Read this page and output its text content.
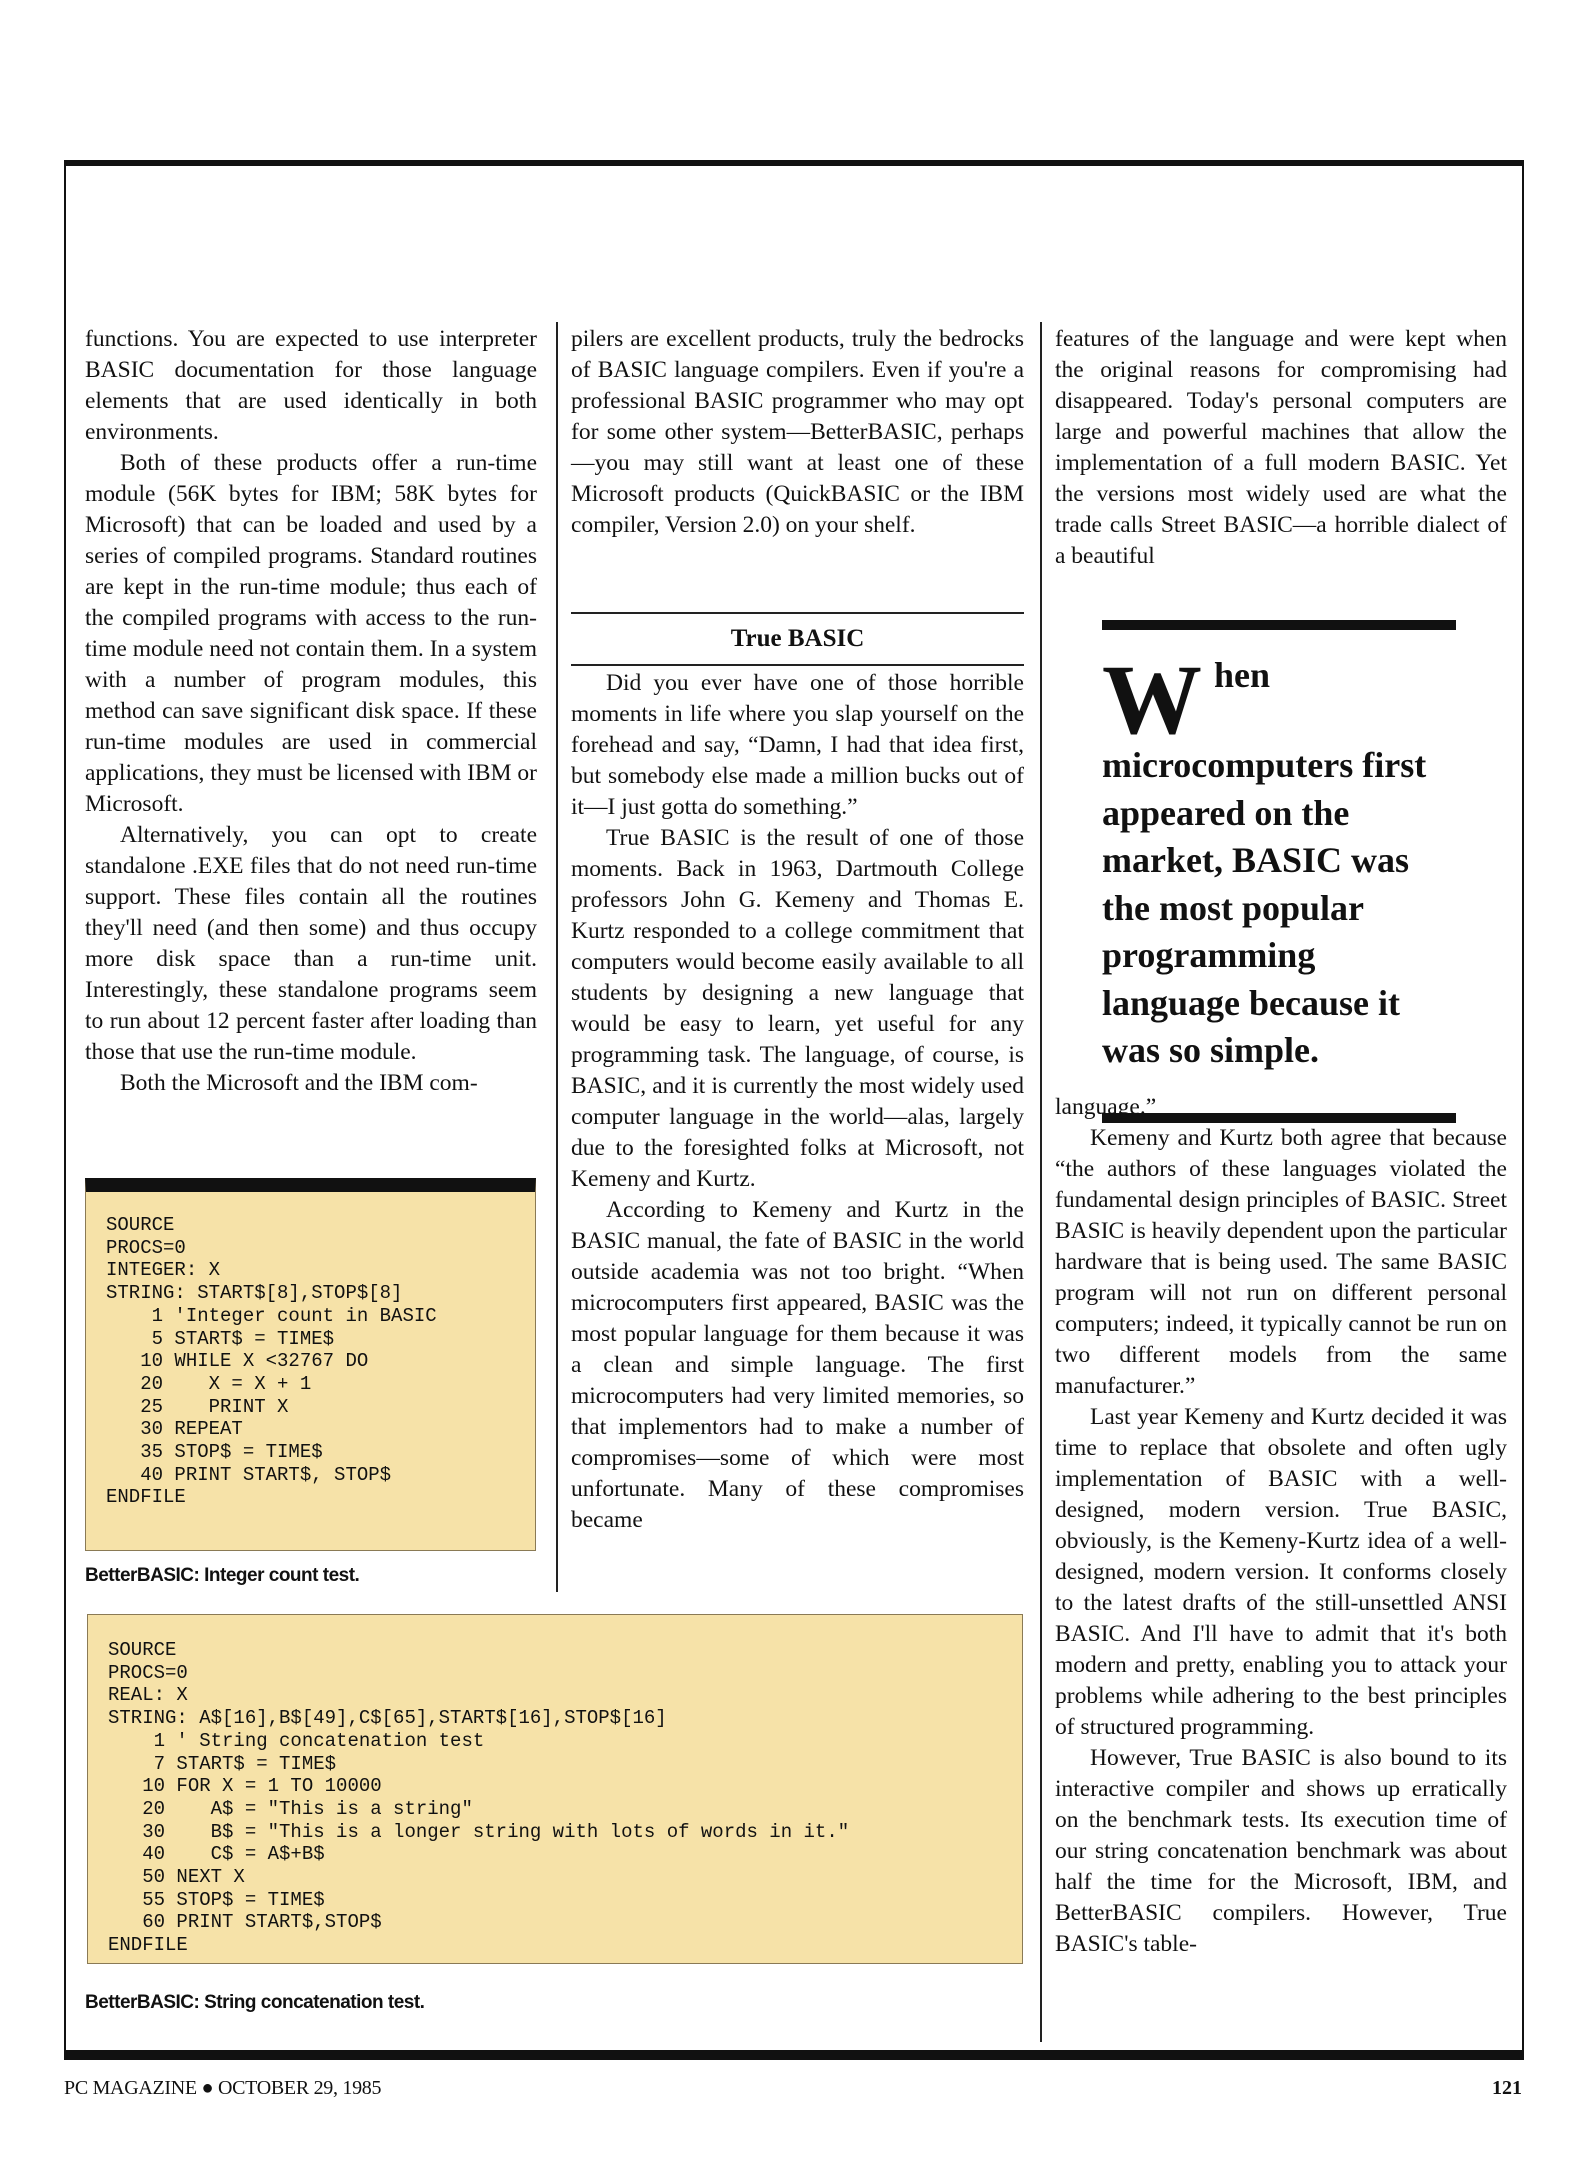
functions. You are expected to use interpreter BASIC documentation for those language elements that are used identically in both environments.

Both of these products offer a run-time module (56K bytes for IBM; 58K bytes for Microsoft) that can be loaded and used by a series of compiled programs. Standard routines are kept in the run-time module; thus each of the compiled programs with access to the run-time module need not contain them. In a system with a number of program modules, this method can save significant disk space. If these run-time modules are used in commercial applications, they must be licensed with IBM or Microsoft.

Alternatively, you can opt to create standalone .EXE files that do not need run-time support. These files contain all the routines they'll need (and then some) and thus occupy more disk space than a run-time unit. Interestingly, these standalone programs seem to run about 12 percent faster after loading than those that use the run-time module.

Both the Microsoft and the IBM com-

SOURCE
PROCS=0
INTEGER: X
STRING: START$[8],STOP$[8]
1 'Integer count in BASIC
5 START$ = TIME$
10 WHILE X <32767 DO
20    X = X + 1
25    PRINT X
30 REPEAT
35 STOP$ = TIME$
40 PRINT START$, STOP$
ENDFILE
BetterBASIC: Integer count test.

pilers are excellent products, truly the bedrocks of BASIC language compilers. Even if you're a professional BASIC programmer who may opt for some other system—BetterBASIC, perhaps—you may still want at least one of these Microsoft products (QuickBASIC or the IBM compiler, Version 2.0) on your shelf.

True BASIC

Did you ever have one of those horrible moments in life where you slap yourself on the forehead and say, “Damn, I had that idea first, but somebody else made a million bucks out of it—I just gotta do something.”

True BASIC is the result of one of those moments. Back in 1963, Dartmouth College professors John G. Kemeny and Thomas E. Kurtz responded to a college commitment that computers would become easily available to all students by designing a new language that would be easy to learn, yet useful for any programming task. The language, of course, is BASIC, and it is currently the most widely used computer language in the world—alas, largely due to the foresighted folks at Microsoft, not Kemeny and Kurtz.

According to Kemeny and Kurtz in the BASIC manual, the fate of BASIC in the world outside academia was not too bright. “When microcomputers first appeared, BASIC was the most popular language for them because it was a clean and simple language. The first microcomputers had very limited memories, so that implementors had to make a number of compromises—some of which were most unfortunate. Many of these compromises became

SOURCE
PROCS=0
REAL: X
STRING: A$[16],B$[49],C$[65],START$[16],STOP$[16]
1 ' String concatenation test
7 START$ = TIME$
10 FOR X = 1 TO 10000
20    A$ = "This is a string"
30    B$ = "This is a longer string with lots of words in it."
40    C$ = A$+B$
50 NEXT X
55 STOP$ = TIME$
60 PRINT START$,STOP$
ENDFILE
BetterBASIC: String concatenation test.

features of the language and were kept when the original reasons for compromising had disappeared. Today's personal computers are large and powerful machines that allow the implementation of a full modern BASIC. Yet the versions most widely used are what the trade calls Street BASIC—a horrible dialect of a beautiful

When microcomputers first appeared on the market, BASIC was the most popular programming language because it was so simple.

language.”

Kemeny and Kurtz both agree that because “the authors of these languages violated the fundamental design principles of BASIC. Street BASIC is heavily dependent upon the particular hardware that is being used. The same BASIC program will not run on different personal computers; indeed, it typically cannot be run on two different models from the same manufacturer.”

Last year Kemeny and Kurtz decided it was time to replace that obsolete and often ugly implementation of BASIC with a well-designed, modern version. True BASIC, obviously, is the Kemeny-Kurtz idea of a well-designed, modern version. It conforms closely to the latest drafts of the still-unsettled ANSI BASIC. And I'll have to admit that it's both modern and pretty, enabling you to attack your problems while adhering to the best principles of structured programming.

However, True BASIC is also bound to its interactive compiler and shows up erratically on the benchmark tests. Its execution time of our string concatenation benchmark was about half the time for the Microsoft, IBM, and BetterBASIC compilers. However, True BASIC's table-

PC MAGAZINE ● OCTOBER 29, 1985	121
